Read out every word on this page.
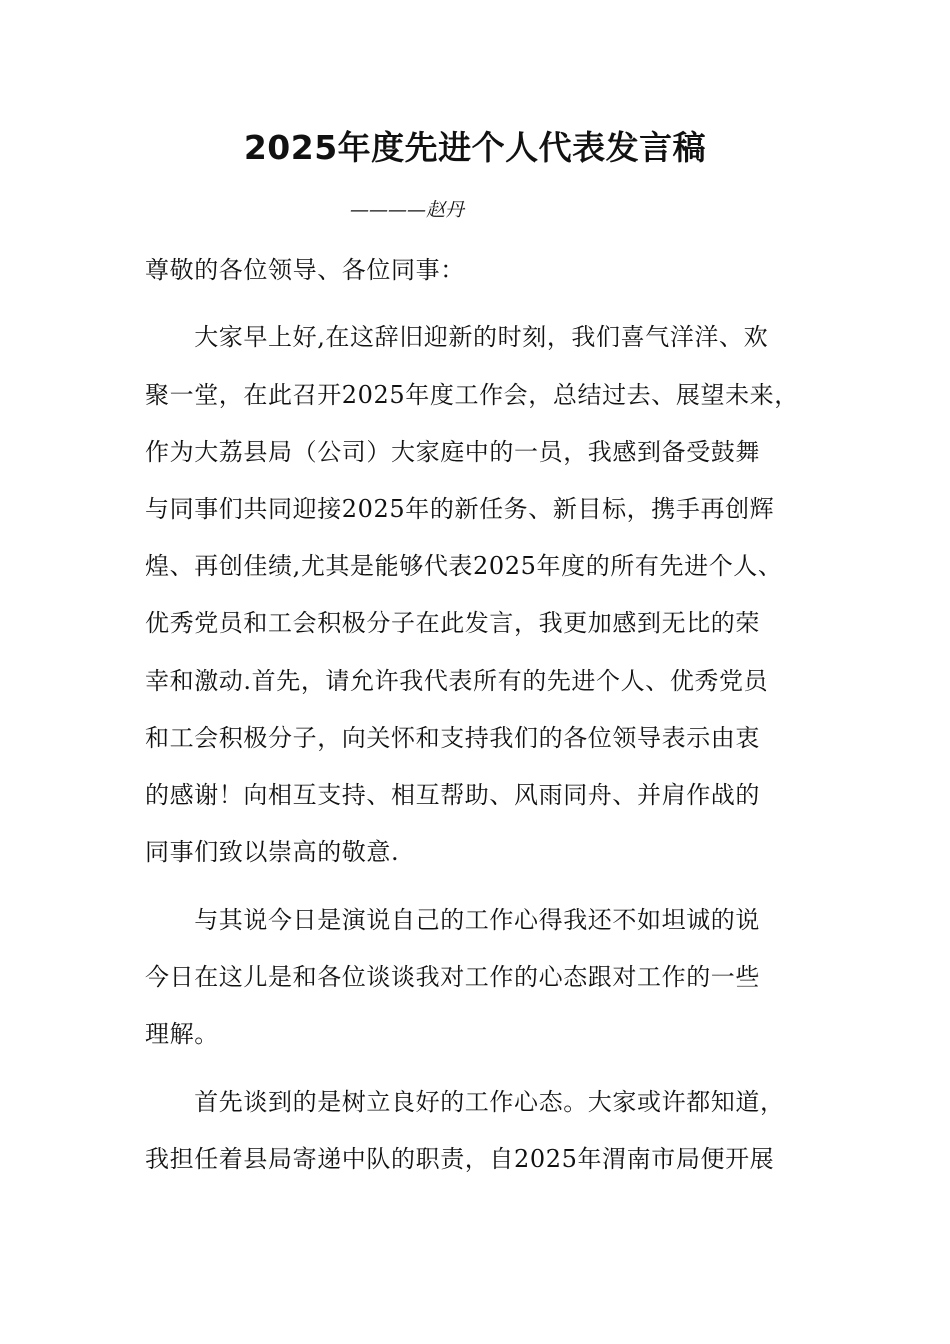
2025年度先进个人代表发言稿
————赵丹
尊敬的各位领导、各位同事：
　　大家早上好,在这辞旧迎新的时刻，我们喜气洋洋、欢
聚一堂，在此召开2025年度工作会，总结过去、展望未来，
作为大荔县局（公司）大家庭中的一员，我感到备受鼓舞
与同事们共同迎接2025年的新任务、新目标，携手再创辉
煌、再创佳绩,尤其是能够代表2025年度的所有先进个人、
优秀党员和工会积极分子在此发言，我更加感到无比的荣
幸和激动.首先，请允许我代表所有的先进个人、优秀党员
和工会积极分子，向关怀和支持我们的各位领导表示由衷
的感谢！向相互支持、相互帮助、风雨同舟、并肩作战的
同事们致以崇高的敬意.
　　与其说今日是演说自己的工作心得我还不如坦诚的说
今日在这儿是和各位谈谈我对工作的心态跟对工作的一些
理解。
　　首先谈到的是树立良好的工作心态。大家或许都知道，
我担任着县局寄递中队的职责，自2025年渭南市局便开展
